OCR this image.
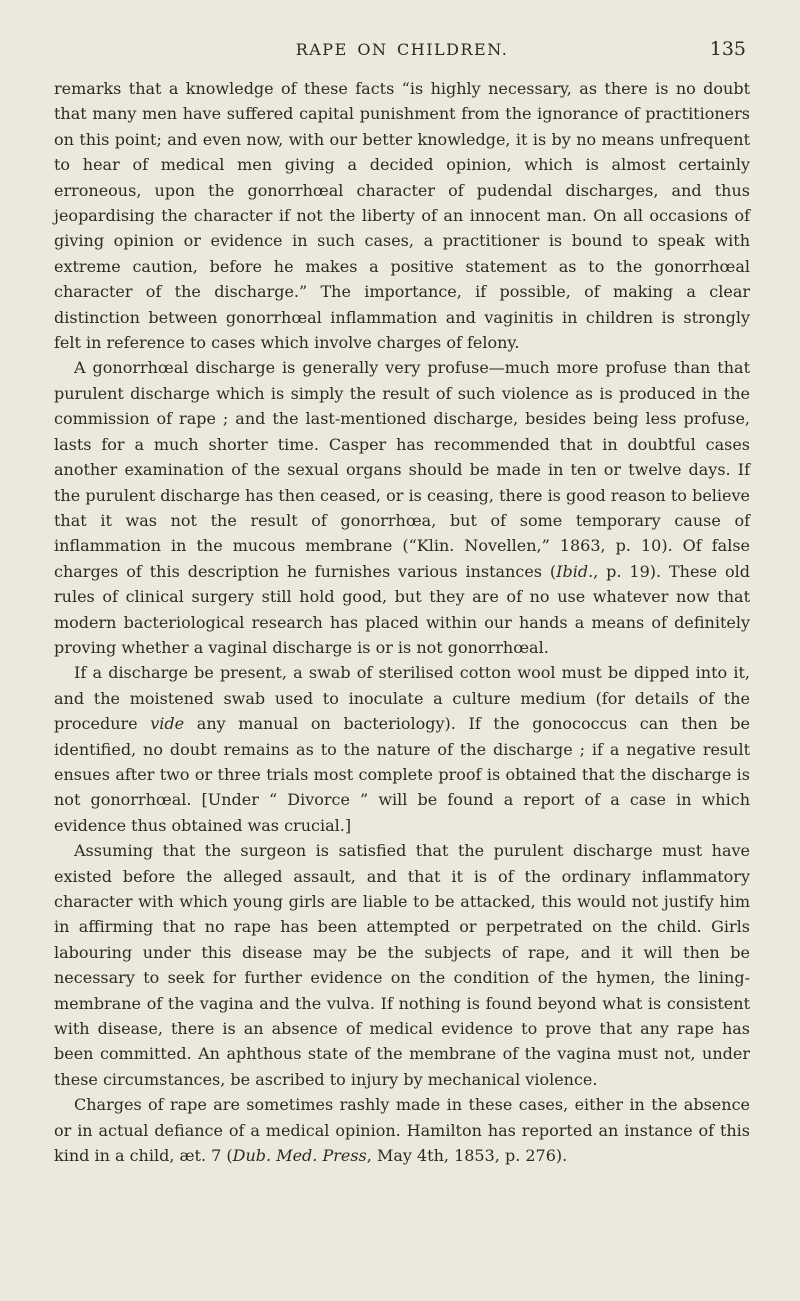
RAPE ON CHILDREN.	135

remarks that a knowledge of these facts “is highly necessary, as there is no doubt that many men have suffered capital punishment from the ignorance of practitioners on this point; and even now, with our better knowledge, it is by no means unfrequent to hear of medical men giving a decided opinion, which is almost certainly erroneous, upon the gonorrhœal character of pudendal discharges, and thus jeopardising the character if not the liberty of an innocent man. On all occasions of giving opinion or evidence in such cases, a practitioner is bound to speak with extreme caution, before he makes a positive statement as to the gonorrhœal character of the discharge.” The importance, if possible, of making a clear distinction between gonorrhœal inflammation and vaginitis in children is strongly felt in reference to cases which involve charges of felony.

A gonorrhœal discharge is generally very profuse—much more profuse than that purulent discharge which is simply the result of such violence as is produced in the commission of rape ; and the last-mentioned discharge, besides being less profuse, lasts for a much shorter time. Casper has recommended that in doubtful cases another examination of the sexual organs should be made in ten or twelve days. If the purulent discharge has then ceased, or is ceasing, there is good reason to believe that it was not the result of gonorrhœa, but of some temporary cause of inflammation in the mucous membrane (“Klin. Novellen,” 1863, p. 10). Of false charges of this description he furnishes various instances (Ibid., p. 19). These old rules of clinical surgery still hold good, but they are of no use whatever now that modern bacteriological research has placed within our hands a means of definitely proving whether a vaginal discharge is or is not gonorrhœal.

If a discharge be present, a swab of sterilised cotton wool must be dipped into it, and the moistened swab used to inoculate a culture medium (for details of the procedure vide any manual on bacteriology). If the gonococcus can then be identified, no doubt remains as to the nature of the discharge ; if a negative result ensues after two or three trials most complete proof is obtained that the discharge is not gonorrhœal. [Under “ Divorce ” will be found a report of a case in which evidence thus obtained was crucial.]

Assuming that the surgeon is satisfied that the purulent discharge must have existed before the alleged assault, and that it is of the ordinary inflammatory character with which young girls are liable to be attacked, this would not justify him in affirming that no rape has been attempted or perpetrated on the child. Girls labouring under this disease may be the subjects of rape, and it will then be necessary to seek for further evidence on the condition of the hymen, the lining-membrane of the vagina and the vulva. If nothing is found beyond what is consistent with disease, there is an absence of medical evidence to prove that any rape has been committed. An aphthous state of the membrane of the vagina must not, under these circumstances, be ascribed to injury by mechanical violence.

Charges of rape are sometimes rashly made in these cases, either in the absence or in actual defiance of a medical opinion. Hamilton has reported an instance of this kind in a child, æt. 7 (Dub. Med. Press, May 4th, 1853, p. 276).
